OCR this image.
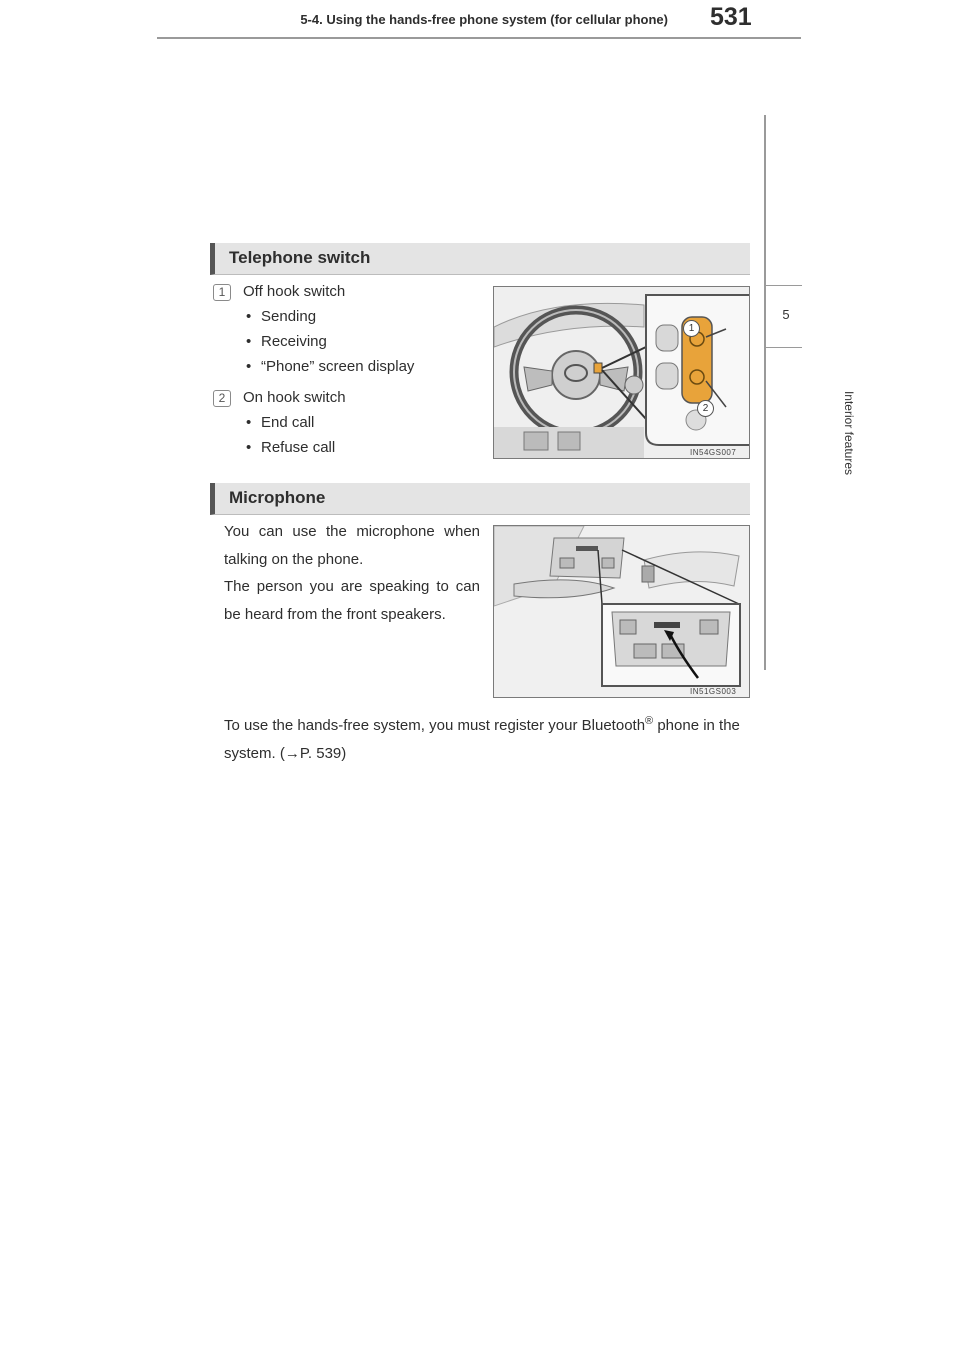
5-4. Using the hands-free phone system (for cellular phone) 531
5
Interior features
Telephone switch
1	Off hook switch
• Sending
• Receiving
• “Phone” screen display
2	On hook switch
• End call
• Refuse call
1
2
IN54GS007
Microphone
You can use the microphone when talking on the phone.
The person you are speaking to can be heard from the front speakers.
IN51GS003
To use the hands-free system, you must register your Bluetooth® phone in the system. (→P. 539)
